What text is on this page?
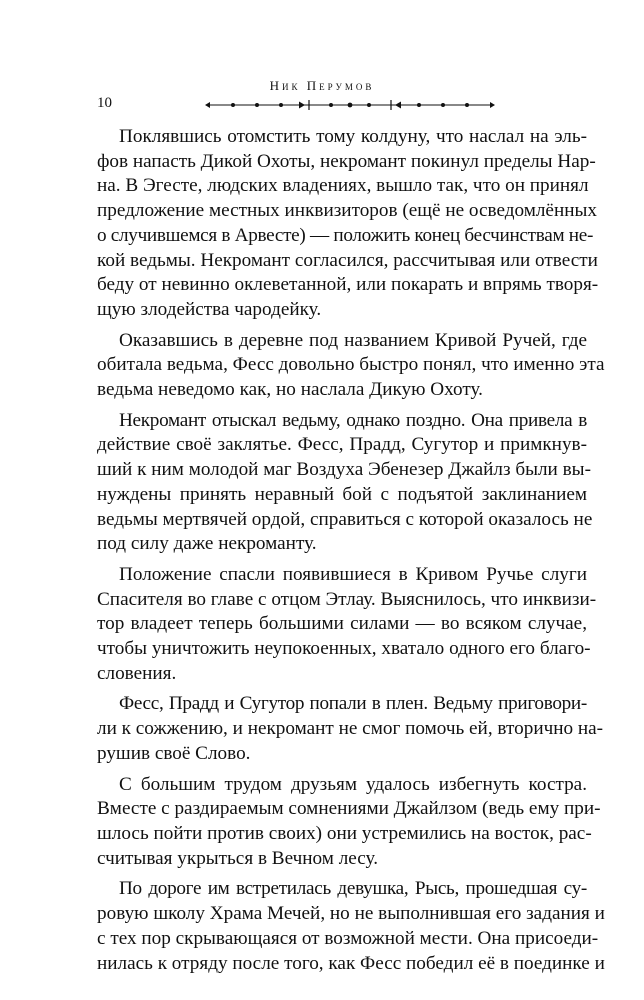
Ник Перумов
10

Поклявшись отомстить тому колдуну, что наслал на эль-
фов напасть Дикой Охоты, некромант покинул пределы Нар-
на. В Эгесте, людских владениях, вышло так, что он принял
предложение местных инквизиторов (ещё не осведомлённых
о случившемся в Арвесте) — положить конец бесчинствам не-
кой ведьмы. Некромант согласился, рассчитывая или отвести
беду от невинно оклеветанной, или покарать и впрямь творя-
щую злодейства чародейку.

Оказавшись в деревне под названием Кривой Ручей, где
обитала ведьма, Фесс довольно быстро понял, что именно эта
ведьма неведомо как, но наслала Дикую Охоту.

Некромант отыскал ведьму, однако поздно. Она привела в
действие своё заклятье. Фесс, Прадд, Сугутор и примкнув-
ший к ним молодой маг Воздуха Эбенезер Джайлз были вы-
нуждены принять неравный бой с подъятой заклинанием
ведьмы мертвячей ордой, справиться с которой оказалось не
под силу даже некроманту.

Положение спасли появившиеся в Кривом Ручье слуги
Спасителя во главе с отцом Этлау. Выяснилось, что инквизи-
тор владеет теперь большими силами — во всяком случае,
чтобы уничтожить неупокоенных, хватало одного его благо-
словения.

Фесс, Прадд и Сугутор попали в плен. Ведьму приговори-
ли к сожжению, и некромант не смог помочь ей, вторично на-
рушив своё Слово.

С большим трудом друзьям удалось избегнуть костра.
Вместе с раздираемым сомнениями Джайлзом (ведь ему при-
шлось пойти против своих) они устремились на восток, рас-
считывая укрыться в Вечном лесу.

По дороге им встретилась девушка, Рысь, прошедшая су-
ровую школу Храма Мечей, но не выполнившая его задания и
с тех пор скрывающаяся от возможной мести. Она присоеди-
нилась к отряду после того, как Фесс победил её в поединке и
